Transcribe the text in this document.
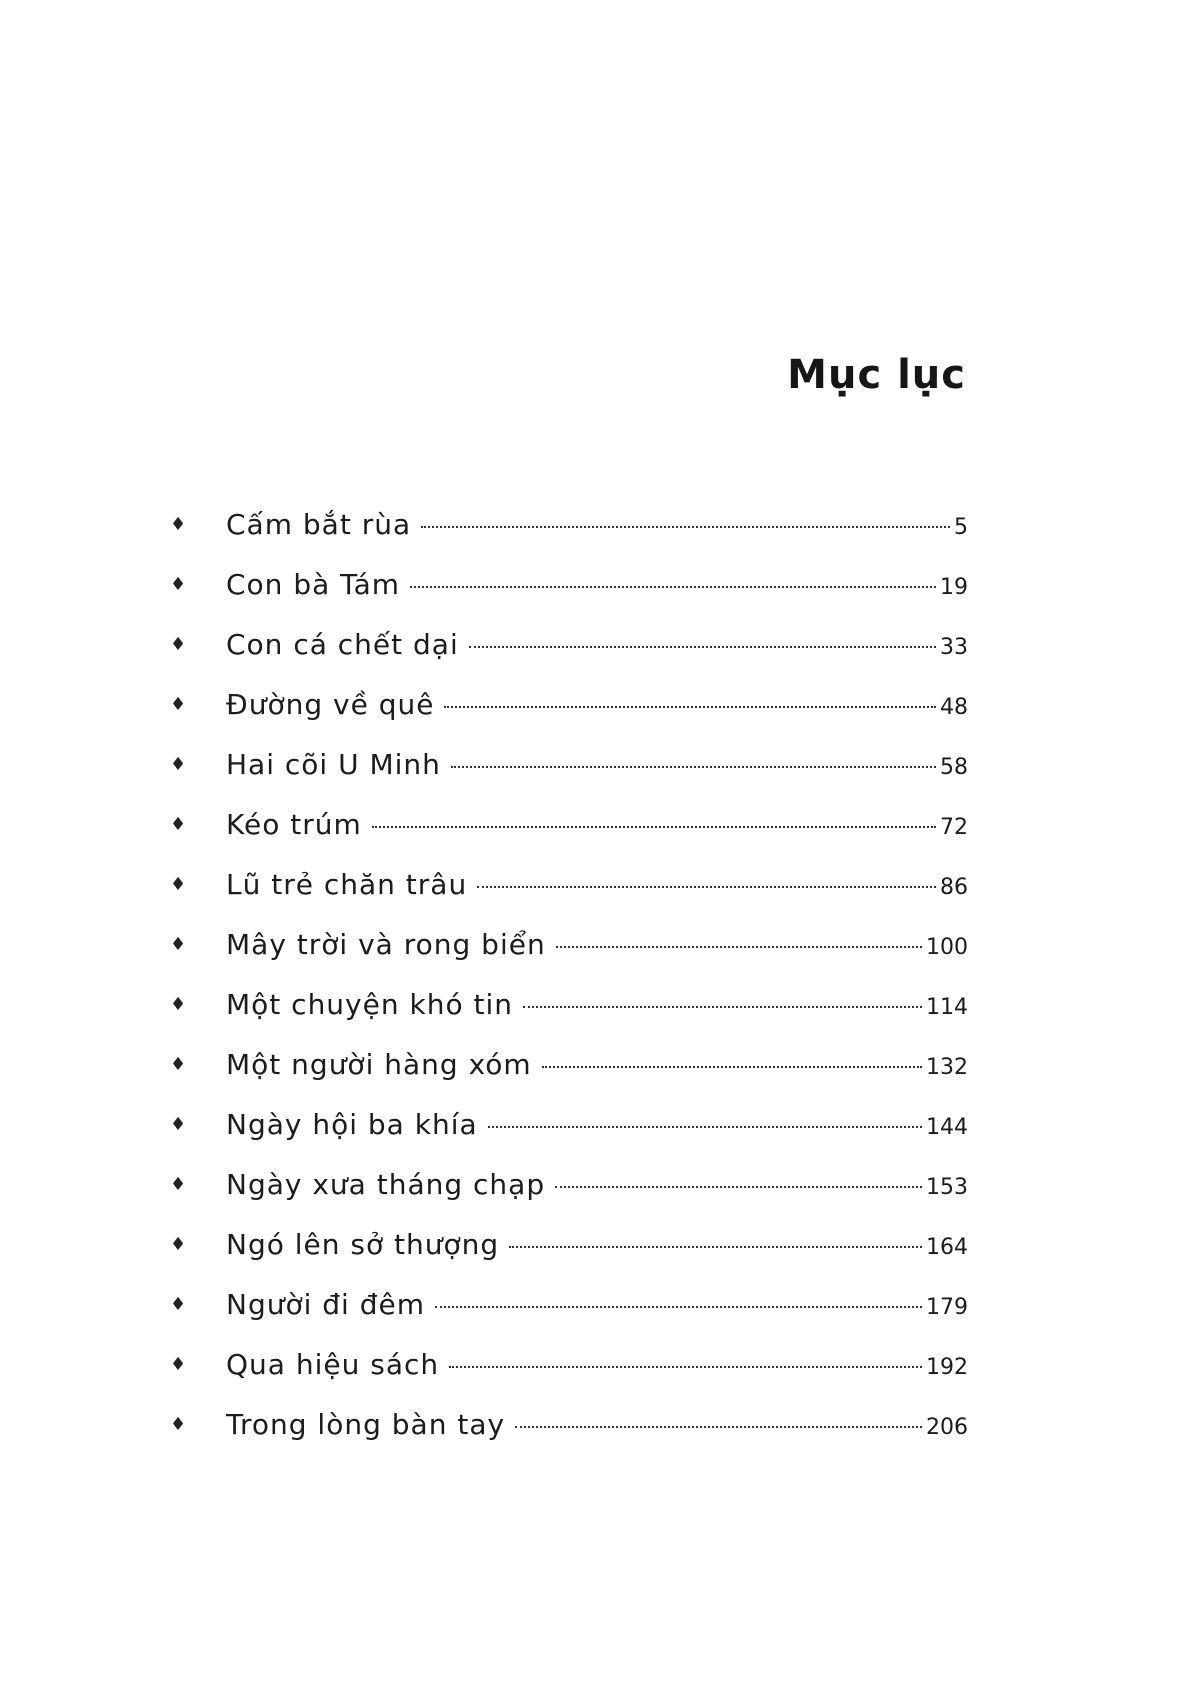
Mục lục
♦	Cấm bắt rùa	5
♦	Con bà Tám	19
♦	Con cá chết dại	33
♦	Đường về quê	48
♦	Hai cõi U Minh	58
♦	Kéo trúm	72
♦	Lũ trẻ chăn trâu	86
♦	Mây trời và rong biển	100
♦	Một chuyện khó tin	114
♦	Một người hàng xóm	132
♦	Ngày hội ba khía	144
♦	Ngày xưa tháng chạp	153
♦	Ngó lên sở thượng	164
♦	Người đi đêm	179
♦	Qua hiệu sách	192
♦	Trong lòng bàn tay	206
